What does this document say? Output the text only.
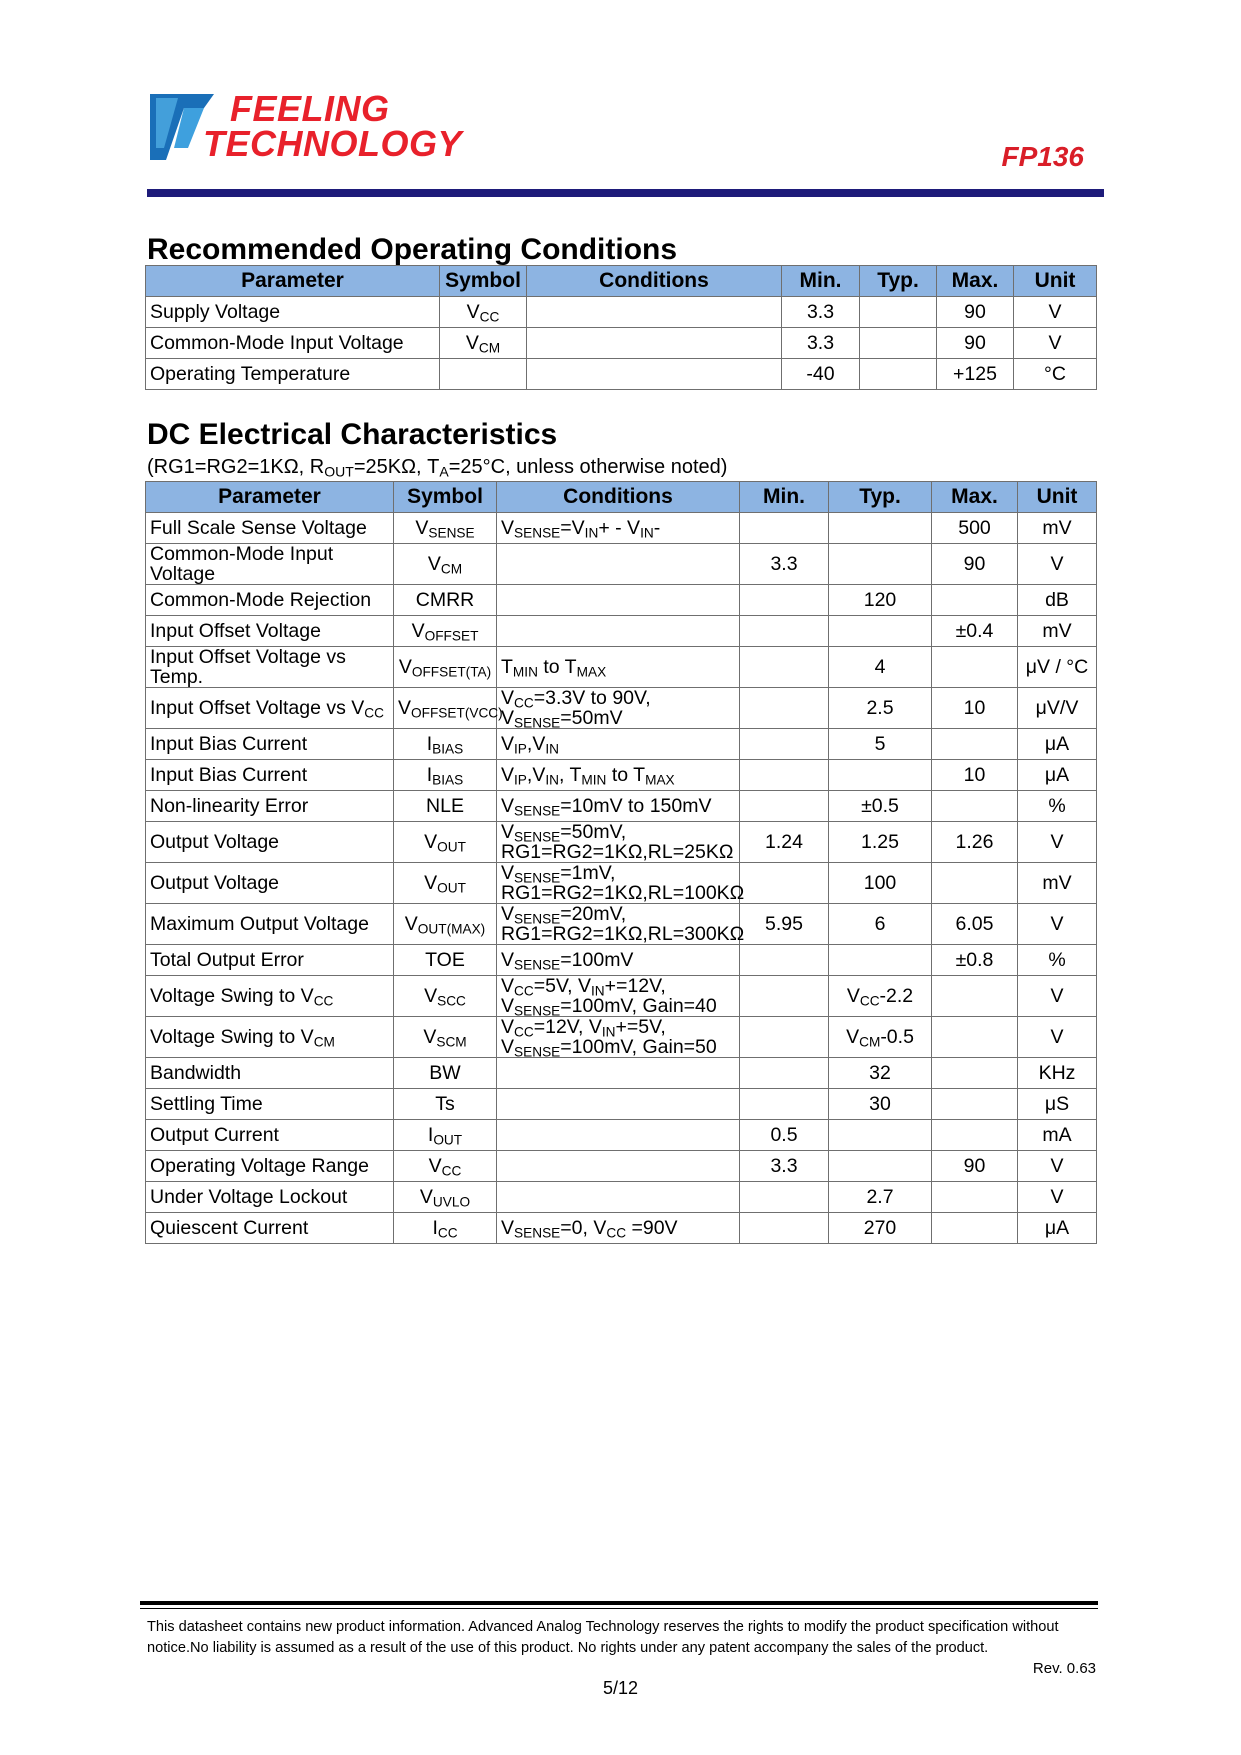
FEELING
TECHNOLOGY	FP136
Recommended Operating Conditions
Parameter	Symbol	Conditions	Min.	Typ.	Max.	Unit
Supply Voltage	$V_{CC}$		3.3		90	V
Common-Mode Input Voltage	$V_{CM}$		3.3		90	V
Operating Temperature			-40		+125	°C
DC Electrical Characteristics
(RG1=RG2=1KΩ, $R_{OUT}=25K\Omega$, $T_A=25^\circ C$, unless otherwise noted)
Parameter	Symbol	Conditions	Min.	Typ.	Max.	Unit
Full Scale Sense Voltage	$V_{SENSE}$	$V_{SENSE}=V_{IN}+ - V_{IN}-$			500	mV
Common-Mode Input
Voltage	$V_{CM}$		3.3		90	V
Common-Mode Rejection	CMRR			120		dB
Input Offset Voltage	$V_{OFFSET}$				±0.4	mV
Input Offset Voltage vs
Temp.	$V_{OFFSET(TA)}$	$T_{MIN}$ to $T_{MAX}$		4		μV / °C
Input Offset Voltage vs $V_{CC}$	$V_{OFFSET(VCC)}$	$V_{CC}=3.3V$ to 90V,
$V_{SENSE}=50mV$		2.5	10	μV/V
Input Bias Current	$I_{BIAS}$	$V_{IP},V_{IN}$		5		μA
Input Bias Current	$I_{BIAS}$	$V_{IP},V_{IN}$, $T_{MIN}$ to $T_{MAX}$			10	μA
Non-linearity Error	NLE	$V_{SENSE}=10mV$ to 150mV		±0.5		%
Output Voltage	$V_{OUT}$	$V_{SENSE}=50mV$,
RG1=RG2=1KΩ,RL=25KΩ	1.24	1.25	1.26	V
Output Voltage	$V_{OUT}$	$V_{SENSE}=1mV$,
RG1=RG2=1KΩ,RL=100KΩ		100		mV
Maximum Output Voltage	$V_{OUT(MAX)}$	$V_{SENSE}=20mV$,
RG1=RG2=1KΩ,RL=300KΩ	5.95	6	6.05	V
Total Output Error	TOE	$V_{SENSE}=100mV$			±0.8	%
Voltage Swing to $V_{CC}$	$V_{SCC}$	$V_{CC}=5V$, $V_{IN}+=12V$,
$V_{SENSE}=100mV$, Gain=40		$V_{CC}-2.2$		V
Voltage Swing to $V_{CM}$	$V_{SCM}$	$V_{CC}=12V$, $V_{IN}+=5V$,
$V_{SENSE}=100mV$, Gain=50		$V_{CM}-0.5$		V
Bandwidth	BW			32		KHz
Settling Time	Ts			30		μS
Output Current	$I_{OUT}$		0.5			mA
Operating Voltage Range	$V_{CC}$		3.3		90	V
Under Voltage Lockout	$V_{UVLO}$			2.7		V
Quiescent Current	$I_{CC}$	$V_{SENSE}=0$, $V_{CC} =90V$		270		μA
This datasheet contains new product information. Advanced Analog Technology reserves the rights to modify the product specification without notice.No liability is assumed as a result of the use of this product. No rights under any patent accompany the sales of the product.
Rev. 0.63
5/12
